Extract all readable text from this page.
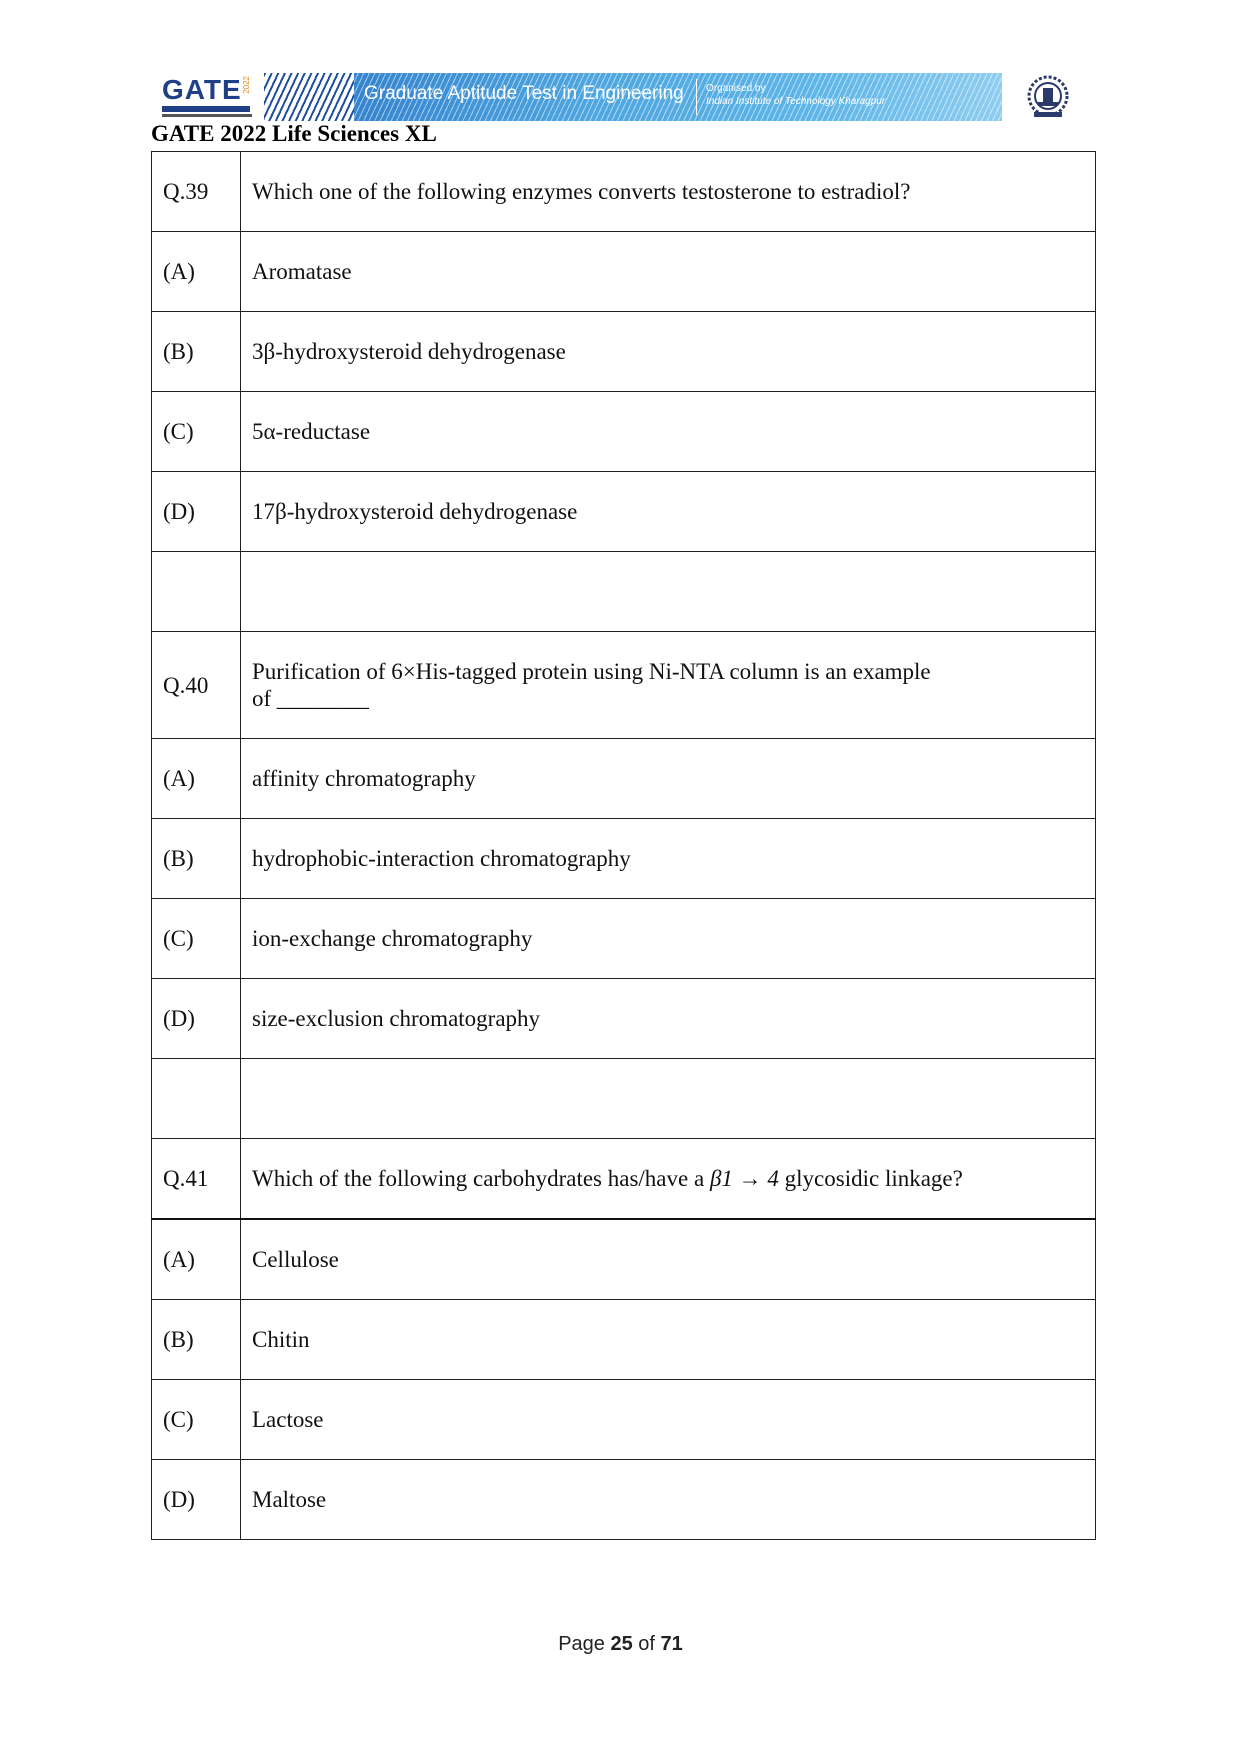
GATE 2022	Graduate Aptitude Test in Engineering Organised by
Indian Institute of Technology Kharagpur
GATE 2022 Life Sciences XL
Q.39	Which one of the following enzymes converts testosterone to estradiol?
(A)	Aromatase
(B)	3β-hydroxysteroid dehydrogenase
(C)	5α-reductase
(D)	17β-hydroxysteroid dehydrogenase

Q.40	Purification of 6×His-tagged protein using Ni-NTA column is an example
of ________

(A)	affinity chromatography
(B)	hydrophobic-interaction chromatography
(C)	ion-exchange chromatography
(D)	size-exclusion chromatography

Q.41	Which of the following carbohydrates has/have a β1 → 4 glycosidic linkage?
(A)	Cellulose
(B)	Chitin
(C)	Lactose
(D)	Maltose
Page 25 of 71
